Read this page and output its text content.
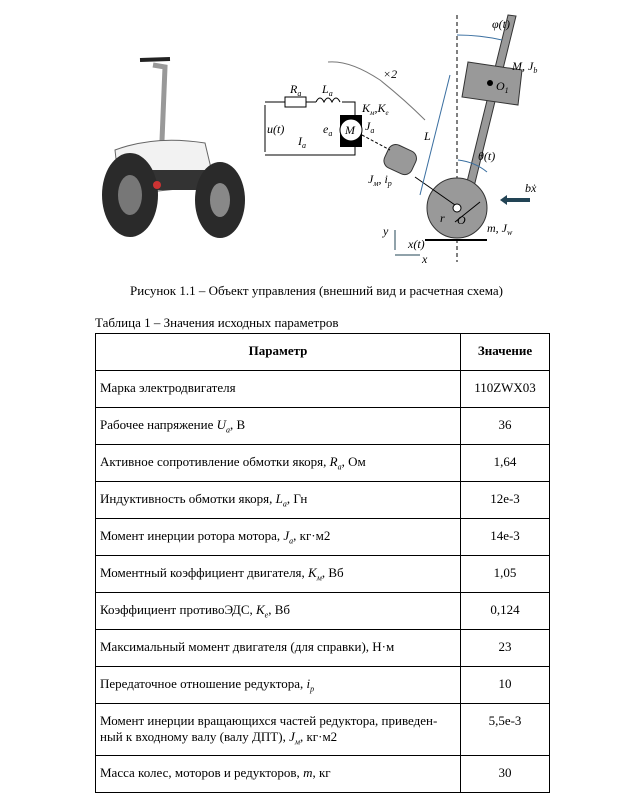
φ(t)
M, $J_b$
$O_1$
×2
$R_a$ $L_a$
$K_м,K_e$
$J_a$
M
$e_a$
u(t)
$I_a$
L
θ(t)
$J_м$, $i_p$	bẋ
r O
m, $J_w$
y
x(t)
x
Рисунок 1.1 – Объект управления (внешний вид и расчетная схема)
Таблица 1 – Значения исходных параметров
Параметр	Значение
Марка электродвигателя	110ZWX03
Рабочее напряжение $U_a$, В	36
Активное сопротивление обмотки якоря, $R_a$, Ом	1,64
Индуктивность обмотки якоря, $L_a$, Гн	12e-3
Момент инерции ротора мотора, $J_a$, кг·м2	14e-3
Моментный коэффициент двигателя, $K_м$, Вб	1,05
Коэффициент противоЭДС, $K_e$, Вб	0,124
Максимальный момент двигателя (для справки), Н·м	23
Передаточное отношение редуктора, $i_p$	10
Момент инерции вращающихся частей редуктора, приведен-ный к входному валу (валу ДПТ), $J_м$, кг·м2	5,5e-3
Масса колес, моторов и редукторов, m, кг	30
